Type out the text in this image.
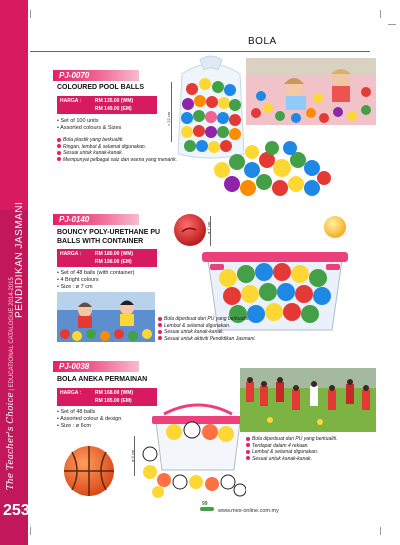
PENDIDIKAN JASMANI
The Teacher's Choice | EDUCATIONAL CATALOGUE 2014-2015
253
BOLA
PJ-0070
COLOURED POOL BALLS
HARGA :	RM 135.00 (WM)
RM 149.00 (EM)
• Set of 100 units
• Assorted colours & Sizes
Bola plastik yang berkualiti.
Ringan, lembut & selamat digunakan.
Sesuai untuk kanak-kanak.
Mempunyai pelbagai saiz dan warna yang menarik.
≈ 22 cm
PJ-0140
BOUNCY POLY-URETHANE PU
BALLS WITH CONTAINER
HARGA :	RM 180.00 (WM)
RM 198.00 (EM)
• Set of 48 balls (with container)
• 4 Bright colours
• Size : ø 7 cm
ø 7 cm
Bola diperbuat dari PU yang berkualiti.
Lembut & selamat digunakan.
Sesuai untuk kanak-kanak.
Sesuai untuk aktiviti Pendidikan Jasmani.
PJ-0038
BOLA ANEKA PERMAINAN
HARGA :	RM 168.00 (WM)
RM 185.00 (EM)
• Set of 48 balls
• Assorted colour & design
• Size : ø 6cm
ø 6 cm
Bola diperbuat dari PU yang berkualiti.
Terdapat dalam 4 rekaan.
Lembut & selamat digunakan.
Sesuai untuk kanak-kanak.
99
www.mes-online.com.my
